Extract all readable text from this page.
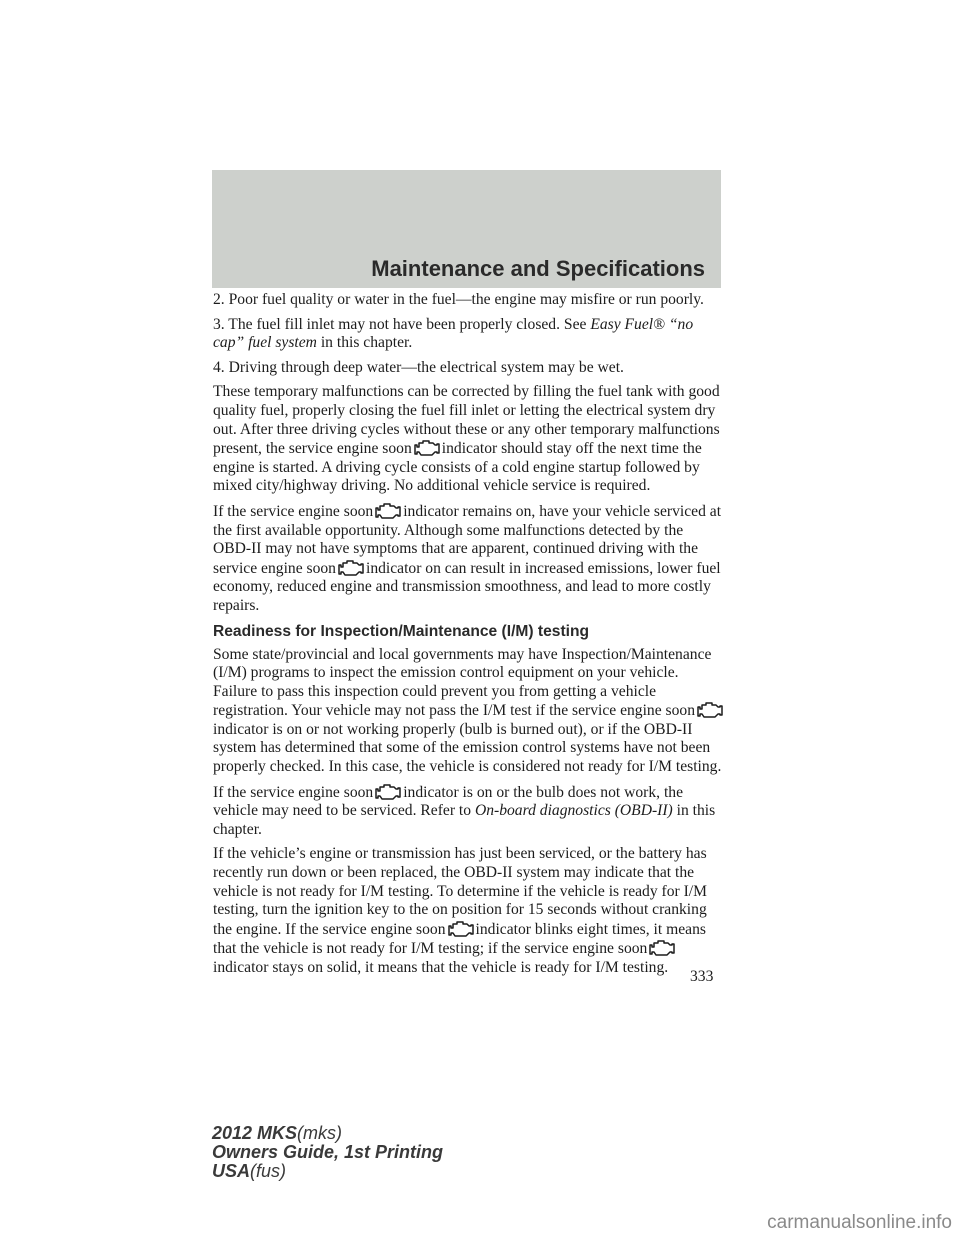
Maintenance and Specifications

2. Poor fuel quality or water in the fuel—the engine may misfire or run poorly.

3. The fuel fill inlet may not have been properly closed. See Easy Fuel® “no cap” fuel system in this chapter.

4. Driving through deep water—the electrical system may be wet.

These temporary malfunctions can be corrected by filling the fuel tank with good quality fuel, properly closing the fuel fill inlet or letting the electrical system dry out. After three driving cycles without these or any other temporary malfunctions present, the service engine soon indicator should stay off the next time the engine is started. A driving cycle consists of a cold engine startup followed by mixed city/highway driving. No additional vehicle service is required.

If the service engine soon indicator remains on, have your vehicle serviced at the first available opportunity. Although some malfunctions detected by the OBD-II may not have symptoms that are apparent, continued driving with the service engine soon indicator on can result in increased emissions, lower fuel economy, reduced engine and transmission smoothness, and lead to more costly repairs.

Readiness for Inspection/Maintenance (I/M) testing

Some state/provincial and local governments may have Inspection/Maintenance (I/M) programs to inspect the emission control equipment on your vehicle. Failure to pass this inspection could prevent you from getting a vehicle registration. Your vehicle may not pass the I/M test if the service engine soon
indicator is on or not working properly (bulb is burned out), or if the OBD-II system has determined that some of the emission control systems have not been properly checked. In this case, the vehicle is considered not ready for I/M testing.

If the service engine soon indicator is on or the bulb does not work, the vehicle may need to be serviced. Refer to On-board diagnostics (OBD-II) in this chapter.

If the vehicle’s engine or transmission has just been serviced, or the battery has recently run down or been replaced, the OBD-II system may indicate that the vehicle is not ready for I/M testing. To determine if the vehicle is ready for I/M testing, turn the ignition key to the on position for 15 seconds without cranking the engine. If the service engine soon indicator blinks eight times, it means that the vehicle is not ready for I/M testing; if the service engine soon
indicator stays on solid, it means that the vehicle is ready for I/M testing.

333
2012 MKS(mks)
Owners Guide, 1st Printing
USA(fus)
carmanualsonline.info
